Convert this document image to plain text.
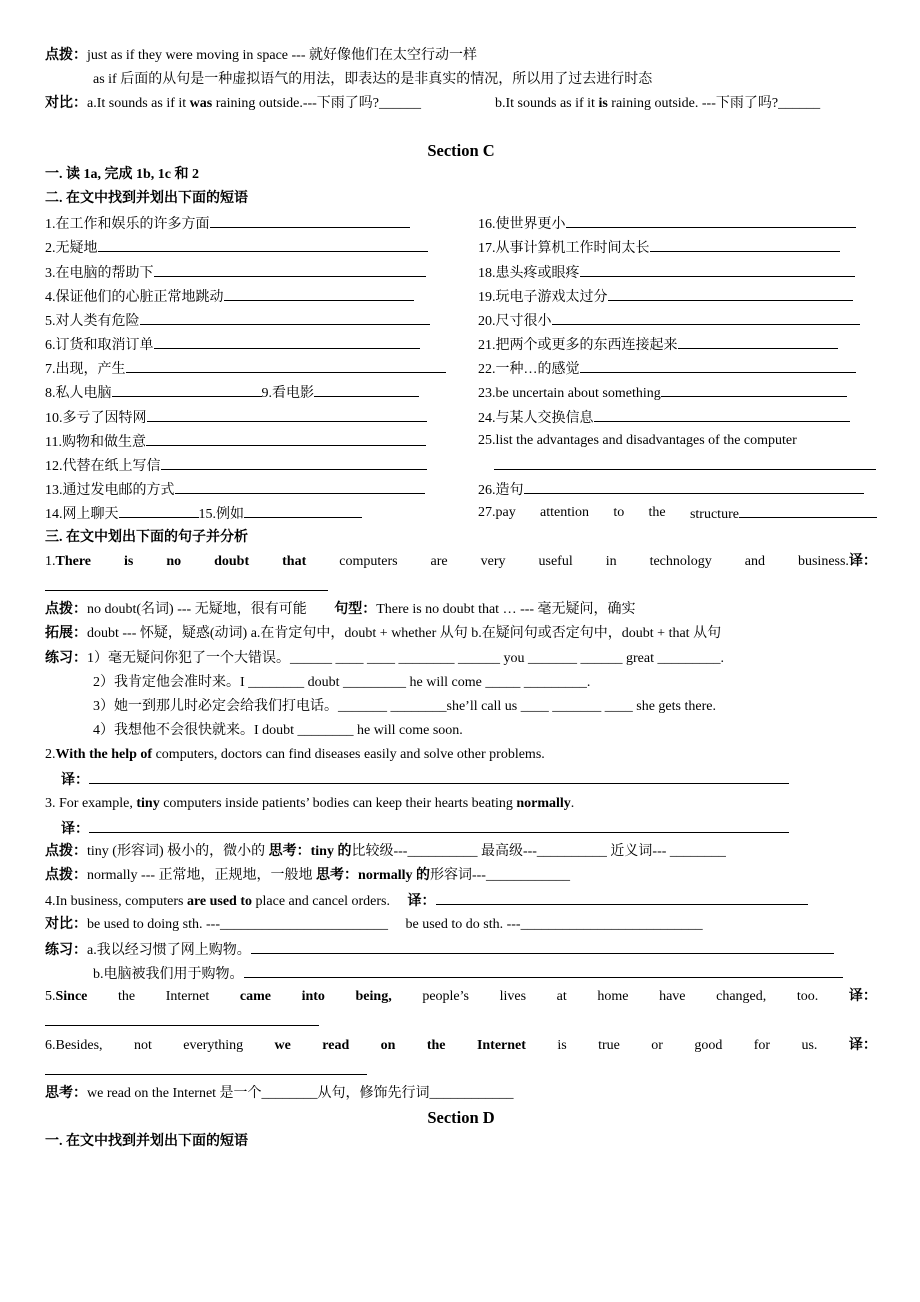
点拨：just as if they were moving in space --- 就好像他们在太空行动一样
as if 后面的从句是一种虚拟语气的用法，即表达的是非真实的情况，所以用了过去进行时态
对比：a.It sounds as if it was raining outside.---下雨了吗?______	b.It sounds as if it is raining outside. ---下雨了吗?______
Section C
一. 读 1a, 完成 1b, 1c 和 2
二. 在文中找到并划出下面的短语
1.在工作和娱乐的许多方面	16.使世界更小
2.无疑地	17.从事计算机工作时间太长
3.在电脑的帮助下	18.患头疼或眼疼
4.保证他们的心脏正常地跳动	19.玩电子游戏太过分
5.对人类有危险	20.尺寸很小
6.订货和取消订单	21.把两个或更多的东西连接起来
7.出现，产生	22.一种…的感觉
8.私人电脑	9.看电影	23.be uncertain about something
10.多亏了因特网	24.与某人交换信息
11.购物和做生意	25.list the advantages and disadvantages of the computer
12.代替在纸上写信
13.通过发电邮的方式	26.造句
14.网上聊天	15.例如	27.pay attention to the structure
三. 在文中划出下面的句子并分析
1.There is no doubt that computers are very useful in technology and business.译：
点拨：no doubt(名词) --- 无疑地，很有可能 句型：There is no doubt that … --- 毫无疑问，确实
拓展：doubt --- 怀疑，疑惑(动词) a.在肯定句中，doubt + whether 从句 b.在疑问句或否定句中，doubt + that 从句
练习：1）毫无疑问你犯了一个大错误。______ ____ ____ ________ ______ you _______ ______ great _________.
2）我肯定他会准时来。I ________ doubt _________ he will come _____ _________.
3）她一到那儿时必定会给我们打电话。_______ ________she’ll call us ____ _______ ____ she gets there.
4）我想他不会很快就来。I doubt ________ he will come soon.
2.With the help of computers, doctors can find diseases easily and solve other problems.
译：
3. For example, tiny computers inside patients’ bodies can keep their hearts beating normally.
译：
点拨：tiny (形容词) 极小的，微小的 思考：tiny 的比较级---__________ 最高级---__________ 近义词--- ________
点拨：normally --- 正常地，正规地，一般地 思考：normally 的形容词---____________
4.In business, computers are used to place and cancel orders. 译：
对比：be used to doing sth. ---________________________ be used to do sth. ---__________________________
练习：a.我以经习惯了网上购物。
b.电脑被我们用于购物。
5.Since the Internet came into being, people’s lives at home have changed, too. 译：
6.Besides, not everything we read on the Internet is true or good for us. 译：
思考：we read on the Internet 是一个________从句，修饰先行词____________
Section D
一. 在文中找到并划出下面的短语
